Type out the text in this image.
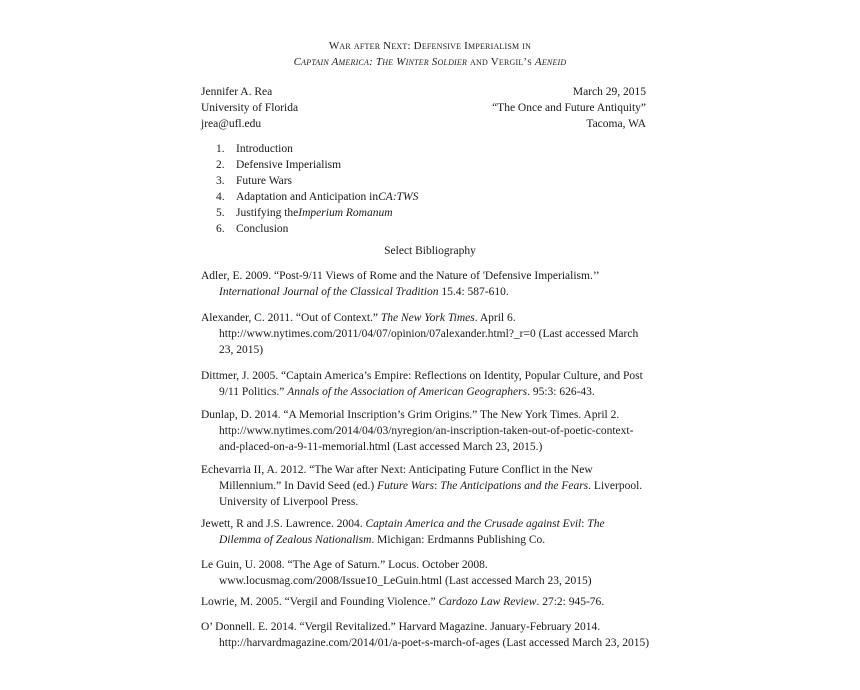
War after Next: Defensive Imperialism in
Captain America: The Winter Soldier and Vergil’s Aeneid
Jennifer A. Rea
University of Florida
jrea@ufl.edu
March 29, 2015
“The Once and Future Antiquity”
Tacoma, WA
1. Introduction
2. Defensive Imperialism
3. Future Wars
4. Adaptation and Anticipation in CA:TWS
5. Justifying the Imperium Romanum
6. Conclusion
Select Bibliography
Adler, E. 2009. “Post-9/11 Views of Rome and the Nature of 'Defensive Imperialism.’’
International Journal of the Classical Tradition 15.4: 587-610.
Alexander, C. 2011. “Out of Context.” The New York Times. April 6.
http://www.nytimes.com/2011/04/07/opinion/07alexander.html?_r=0 (Last accessed March
23, 2015)
Dittmer, J. 2005. “Captain America’s Empire: Reflections on Identity, Popular Culture, and Post
9/11 Politics.” Annals of the Association of American Geographers. 95:3: 626-43.
Dunlap, D. 2014. “A Memorial Inscription’s Grim Origins.” The New York Times. April 2.
http://www.nytimes.com/2014/04/03/nyregion/an-inscription-taken-out-of-poetic-context-
and-placed-on-a-9-11-memorial.html (Last accessed March 23, 2015.)
Echevarria II, A. 2012. “The War after Next: Anticipating Future Conflict in the New
Millennium.” In David Seed (ed.) Future Wars: The Anticipations and the Fears. Liverpool.
University of Liverpool Press.
Jewett, R and J.S. Lawrence. 2004. Captain America and the Crusade against Evil: The
Dilemma of Zealous Nationalism. Michigan: Erdmanns Publishing Co.
Le Guin, U. 2008. “The Age of Saturn.” Locus. October 2008.
www.locusmag.com/2008/Issue10_LeGuin.html (Last accessed March 23, 2015)
Lowrie, M. 2005. “Vergil and Founding Violence.” Cardozo Law Review. 27:2: 945-76.
O’ Donnell. E. 2014. “Vergil Revitalized.” Harvard Magazine. January-February 2014.
http://harvardmagazine.com/2014/01/a-poet-s-march-of-ages (Last accessed March 23, 2015)
